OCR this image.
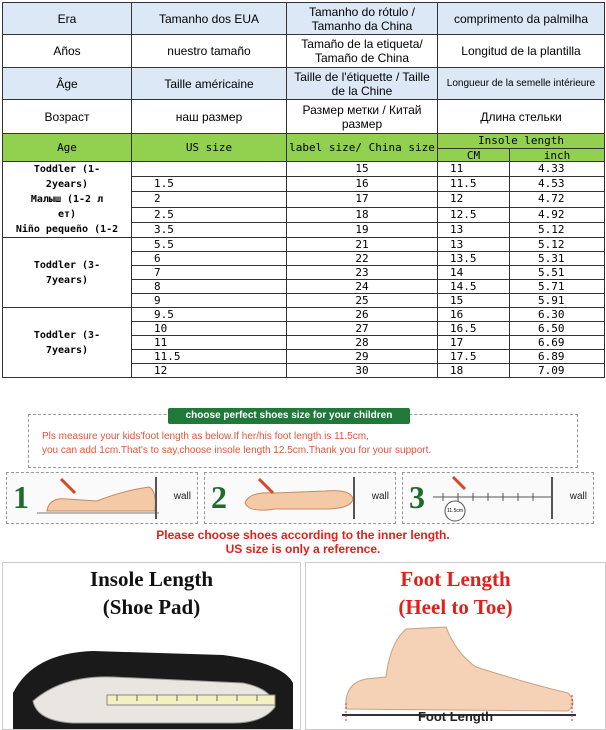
Era	Tamanho dos EUA	Tamanho do rótulo / Tamanho da China	comprimento da palmilha	
Años	nuestro tamaño	Tamaño de la etiqueta/ Tamaño de China	Longitud de la plantilla	
Âge	Taille américaine	Taille de l'étiquette / Taille de la Chine	Longueur de la semelle intérieure	
Возраст	наш размер	Размер метки / Китай размер	Длина стельки	
Age	US size	label size/ China size	Insole length	
			CM	inch

Toddler (1-
2years)
Малыш (1-2 л
ет)
Niño pequeño (1-2		15	11	4.33
	1.5	16	11.5	4.53
	2	17	12	4.72
	2.5	18	12.5	4.92
	3.5	19	13	5.12

Toddler (3-
7years)	5.5	21	13	5.12
	6	22	13.5	5.31
	7	23	14	5.51
	8	24	14.5	5.71
	9	25	15	5.91

Toddler (3-
7years)	9.5	26	16	6.30
	10	27	16.5	6.50
	11	28	17	6.69
	11.5	29	17.5	6.89
	12	30	18	7.09
choose perfect shoes size for your children
Pls measure your kids'foot length as below.If her/his foot length is 11.5cm,
you can add 1cm.That's to say,choose insole length 12.5cm.Thank you for your support.
1	wall 2	wall 3	11.5cm
wall
Please choose shoes according to the inner length.
US size is only a reference.
Insole Length
(Shoe Pad)
Foot Length
(Heel to Toe)
Foot Length
